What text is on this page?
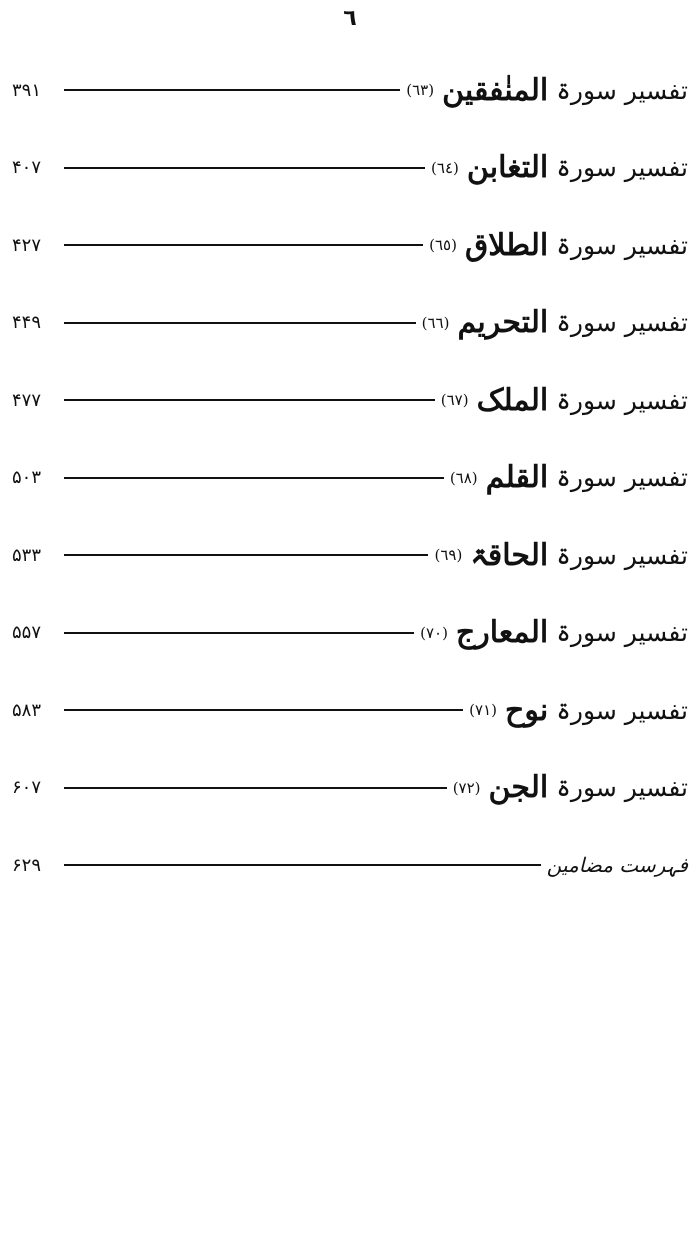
٦
تفسیر سورۃ
المنٰفقین
(٦٣)
۳۹۱
تفسیر سورۃ
التغابن
(٦٤)
۴۰۷
تفسیر سورۃ
الطلاق
(٦٥)
۴۲۷
تفسیر سورۃ
التحریم
(٦٦)
۴۴۹
تفسیر سورۃ
الملک
(٦٧)
۴۷۷
تفسیر سورۃ
القلم
(٦٨)
۵۰۳
تفسیر سورۃ
الحاقۃ
(٦٩)
۵۳۳
تفسیر سورۃ
المعارج
(٧٠)
۵۵۷
تفسیر سورۃ
نوح
(٧١)
۵۸۳
تفسیر سورۃ
الجن
(٧٢)
۶۰۷
فہرست مضامین
۶۲۹
